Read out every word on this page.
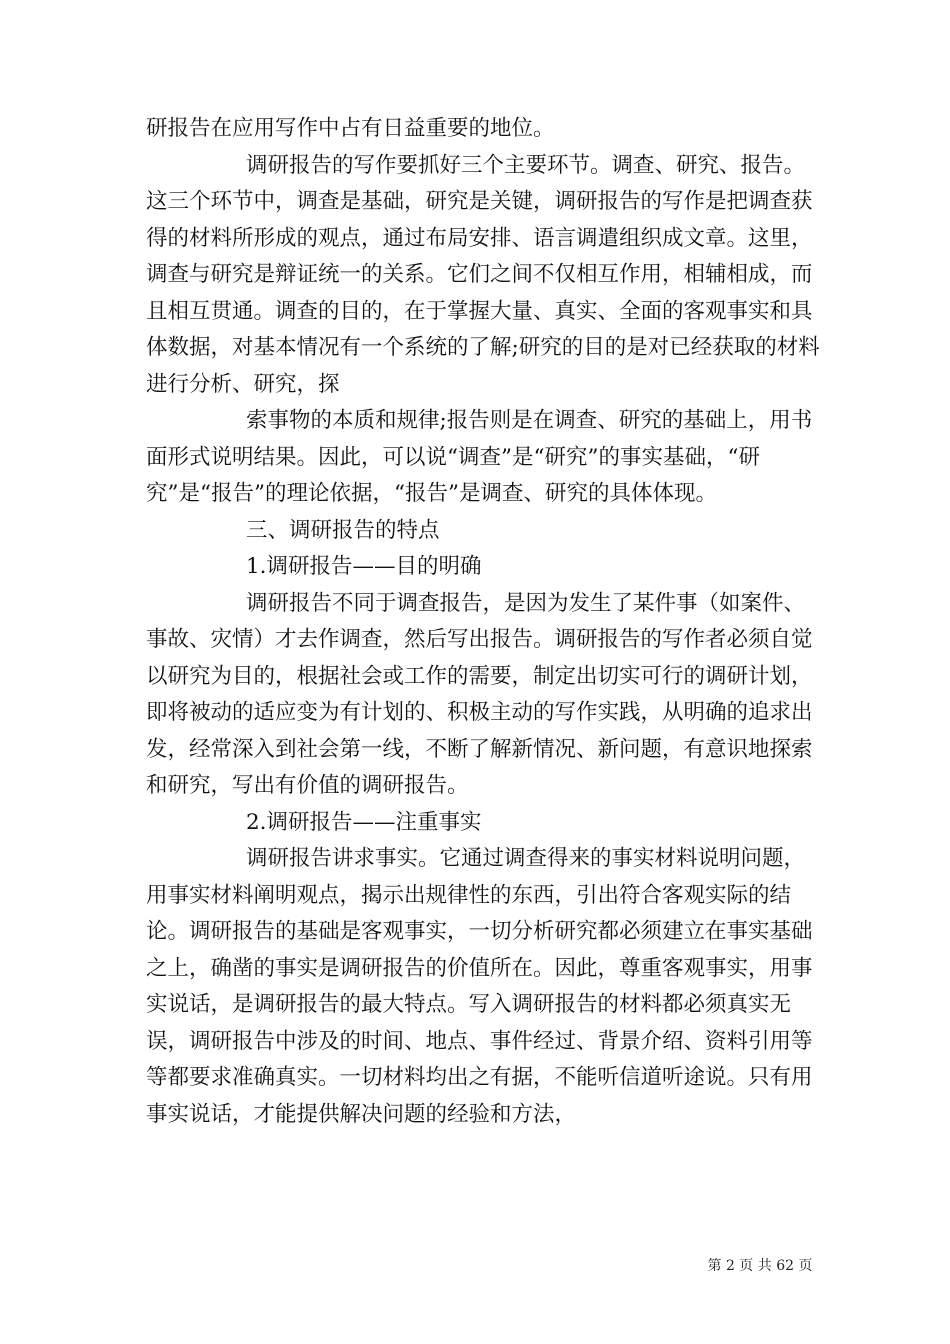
研报告在应用写作中占有日益重要的地位。

调研报告的写作要抓好三个主要环节。调查、研究、报告。这三个环节中，调查是基础，研究是关键，调研报告的写作是把调查获得的材料所形成的观点，通过布局安排、语言调遣组织成文章。这里，调查与研究是辩证统一的关系。它们之间不仅相互作用，相辅相成，而且相互贯通。调查的目的，在于掌握大量、真实、全面的客观事实和具体数据，对基本情况有一个系统的了解;研究的目的是对已经获取的材料进行分析、研究，探

索事物的本质和规律;报告则是在调查、研究的基础上，用书面形式说明结果。因此，可以说“调查”是“研究”的事实基础，“研究”是“报告”的理论依据，“报告”是调查、研究的具体体现。

三、调研报告的特点

1.调研报告——目的明确

调研报告不同于调查报告，是因为发生了某件事（如案件、事故、灾情）才去作调查，然后写出报告。调研报告的写作者必须自觉以研究为目的，根据社会或工作的需要，制定出切实可行的调研计划，即将被动的适应变为有计划的、积极主动的写作实践，从明确的追求出发，经常深入到社会第一线，不断了解新情况、新问题，有意识地探索和研究，写出有价值的调研报告。

2.调研报告——注重事实

调研报告讲求事实。它通过调查得来的事实材料说明问题，用事实材料阐明观点，揭示出规律性的东西，引出符合客观实际的结论。调研报告的基础是客观事实，一切分析研究都必须建立在事实基础之上，确凿的事实是调研报告的价值所在。因此，尊重客观事实，用事实说话，是调研报告的最大特点。写入调研报告的材料都必须真实无误，调研报告中涉及的时间、地点、事件经过、背景介绍、资料引用等等都要求准确真实。一切材料均出之有据，不能听信道听途说。只有用事实说话，才能提供解决问题的经验和方法，

第 2 页 共 62 页
